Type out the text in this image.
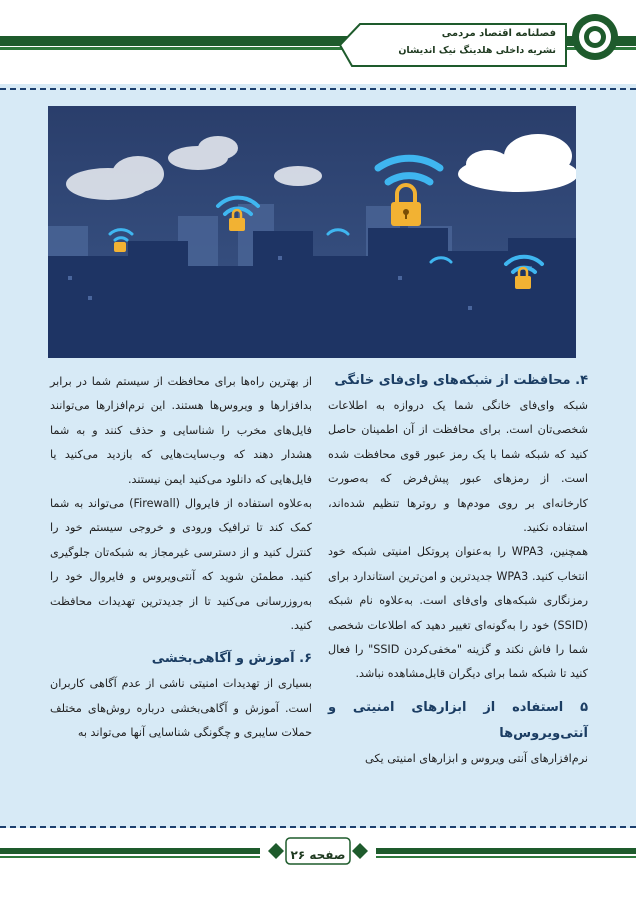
فصلنامه اقتصاد مردمی
نشریه داخلی هلدینگ نیک اندیشان

۴. محافظت از شبکه‌های وای‌فای خانگی

شبکه وای‌فای خانگی شما یک دروازه به اطلاعات شخصی‌تان است. برای محافظت از آن اطمینان حاصل کنید که شبکه شما با یک رمز عبور قوی محافظت شده است. از رمزهای عبور پیش‌فرض که به‌صورت کارخانه‌ای بر روی مودم‌ها و روترها تنظیم شده‌اند، استفاده نکنید.

همچنین، WPA3 را به‌عنوان پروتکل امنیتی شبکه خود انتخاب کنید. WPA3 جدیدترین و امن‌ترین استاندارد برای رمزنگاری شبکه‌های وای‌فای است. به‌علاوه نام شبکه (SSID) خود را به‌گونه‌ای تغییر دهید که اطلاعات شخصی شما را فاش نکند و گزینه "مخفی‌کردن SSID" را فعال کنید تا شبکه شما برای دیگران قابل‌مشاهده نباشد.

۵ استفاده از ابزارهای امنیتی و آنتی‌ویروس‌ها

نرم‌افزارهای آنتی ویروس و ابزارهای امنیتی یکی

از بهترین راه‌ها برای محافظت از سیستم شما در برابر بدافزارها و ویروس‌ها هستند. این نرم‌افزارها می‌توانند فایل‌های مخرب را شناسایی و حذف کنند و به شما هشدار دهند که وب‌سایت‌هایی که بازدید می‌کنید یا فایل‌هایی که دانلود می‌کنید ایمن نیستند.

به‌علاوه استفاده از فایروال (Firewall) می‌تواند به شما کمک کند تا ترافیک ورودی و خروجی سیستم خود را کنترل کنید و از دسترسی غیرمجاز به شبکه‌تان جلوگیری کنید. مطمئن شوید که آنتی‌ویروس و فایروال خود را به‌روزرسانی می‌کنید تا از جدیدترین تهدیدات محافظت کنید.

۶. آموزش و آگاهی‌بخشی

بسیاری از تهدیدات امنیتی ناشی از عدم آگاهی کاربران است. آموزش و آگاهی‌بخشی درباره روش‌های مختلف حملات سایبری و چگونگی شناسایی آنها می‌تواند به

صفحه ۲۶
